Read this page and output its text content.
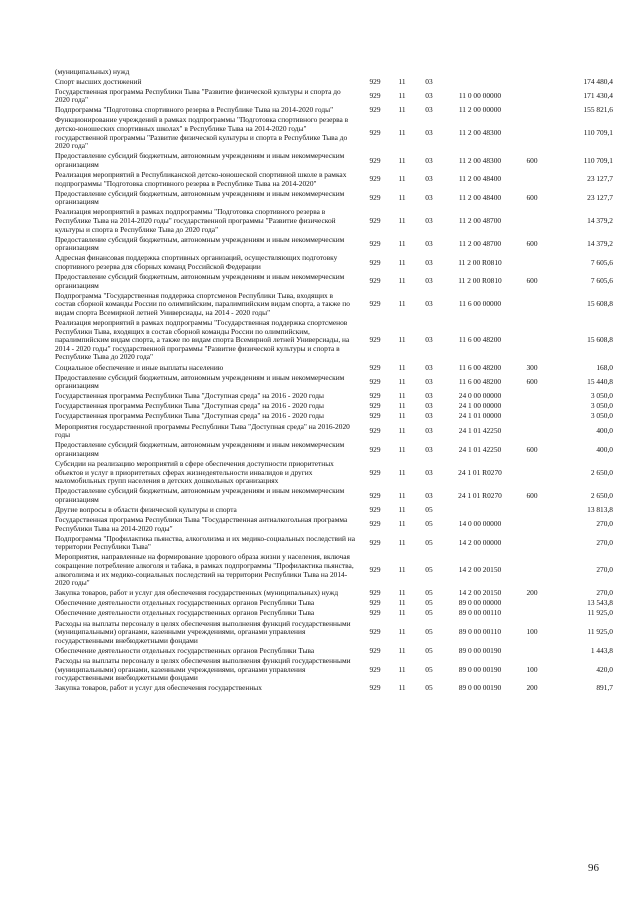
(муниципальных) нужд						
Спорт высших достижений	929	11	03			174 480,4
Государственная программа Республики Тыва "Развитие физической культуры и спорта до 2020 года"	929	11	03	11 0 00 00000		171 430,4
Подпрограмма "Подготовка спортивного резерва в Республике Тыва на 2014-2020 годы"	929	11	03	11 2 00 00000		155 821,6
Функционирование учреждений в рамках подпрограммы "Подготовка спортивного резерва в детско-юношеских спортивных школах" в Республике Тыва на 2014-2020 годы" государственной программы "Развитие физической культуры и спорта в Республике Тыва до 2020 года"	929	11	03	11 2 00 48300		110 709,1
Предоставление субсидий бюджетным, автономным учреждениям и иным некоммерческим организациям	929	11	03	11 2 00 48300	600	110 709,1
Реализация мероприятий в Республиканской детско-юношеской спортивной школе в рамках подпрограммы "Подготовка спортивного резерва в Республике Тыва на 2014-2020"	929	11	03	11 2 00 48400		23 127,7
Предоставление субсидий бюджетным, автономным учреждениям и иным некоммерческим организациям	929	11	03	11 2 00 48400	600	23 127,7
Реализация мероприятий в рамках подпрограммы "Подготовка спортивного резерва в Республике Тыва на 2014-2020 годы" государственной программы "Развитие физической культуры и спорта в Республике Тыва до 2020 года"	929	11	03	11 2 00 48700		14 379,2
Предоставление субсидий бюджетным, автономным учреждениям и иным некоммерческим организациям	929	11	03	11 2 00 48700	600	14 379,2
Адресная финансовая поддержка спортивных организаций, осуществляющих подготовку спортивного резерва для сборных команд Российской Федерации	929	11	03	11 2 00 R0810		7 605,6
Предоставление субсидий бюджетным, автономным учреждениям и иным некоммерческим организациям	929	11	03	11 2 00 R0810	600	7 605,6
Подпрограмма "Государственная поддержка спортсменов Республики Тыва, входящих в состав сборной команды России по олимпийским, паралимпийским видам спорта, а также по видам спорта Всемирной летней Универсиады, на 2014 - 2020 годы"	929	11	03	11 6 00 00000		15 608,8
Реализация мероприятий в рамках подпрограммы "Государственная поддержка спортсменов Республики Тыва, входящих в состав сборной команды России по олимпийским, паралимпийским видам спорта, а также по видам спорта Всемирной летней Универсиады, на 2014 - 2020 годы" государственной программы "Развитие физической культуры и спорта в Республике Тыва до 2020 года"	929	11	03	11 6 00 48200		15 608,8
Социальное обеспечение и иные выплаты населению	929	11	03	11 6 00 48200	300	168,0
Предоставление субсидий бюджетным, автономным учреждениям и иным некоммерческим организациям	929	11	03	11 6 00 48200	600	15 440,8
Государственная программа Республики Тыва "Доступная среда" на 2016 - 2020 годы	929	11	03	24 0 00 00000		3 050,0
Государственная программа Республики Тыва "Доступная среда" на 2016 - 2020 годы	929	11	03	24 1 00 00000		3 050,0
Государственная программа Республики Тыва "Доступная среда" на 2016 - 2020 годы	929	11	03	24 1 01 00000		3 050,0
Мероприятия государственной программы Республики Тыва "Доступная среда" на 2016-2020 годы	929	11	03	24 1 01 42250		400,0
Предоставление субсидий бюджетным, автономным учреждениям и иным некоммерческим организациям	929	11	03	24 1 01 42250	600	400,0
Субсидии на реализацию мероприятий в сфере обеспечения доступности приоритетных объектов и услуг в приоритетных сферах жизнедеятельности инвалидов и других маломобильных групп населения в детских дошкольных организациях	929	11	03	24 1 01 R0270		2 650,0
Предоставление субсидий бюджетным, автономным учреждениям и иным некоммерческим организациям	929	11	03	24 1 01 R0270	600	2 650,0
Другие вопросы в области физической культуры и спорта	929	11	05			13 813,8
Государственная программа Республики Тыва "Государственная антиалкогольная программа Республики Тыва на 2014-2020 годы"	929	11	05	14 0 00 00000		270,0
Подпрограмма "Профилактика пьянства, алкоголизма и их медико-социальных последствий на территории Республики Тыва"	929	11	05	14 2 00 00000		270,0
Мероприятия, направленные на формирование здорового образа жизни у населения, включая сокращение потребление алкоголя и табака, в рамках подпрограммы "Профилактика пьянства, алкоголизма и их медико-социальных последствий на территории Республики Тыва на 2014-2020 годы"	929	11	05	14 2 00 20150		270,0
Закупка товаров, работ и услуг для обеспечения государственных (муниципальных) нужд	929	11	05	14 2 00 20150	200	270,0
Обеспечение деятельности отдельных государственных органов Республики Тыва	929	11	05	89 0 00 00000		13 543,8
Обеспечение деятельности отдельных государственных органов Республики Тыва	929	11	05	89 0 00 00110		11 925,0
Расходы на выплаты персоналу в целях обеспечения выполнения функций государственными (муниципальными) органами, казенными учреждениями, органами управления государственными внебюджетными фондами	929	11	05	89 0 00 00110	100	11 925,0
Обеспечение деятельности отдельных государственных органов Республики Тыва	929	11	05	89 0 00 00190		1 443,8
Расходы на выплаты персоналу в целях обеспечения выполнения функций государственными (муниципальными) органами, казенными учреждениями, органами управления государственными внебюджетными фондами	929	11	05	89 0 00 00190	100	420,0
Закупка товаров, работ и услуг для обеспечения государственных	929	11	05	89 0 00 00190	200	891,7
96
